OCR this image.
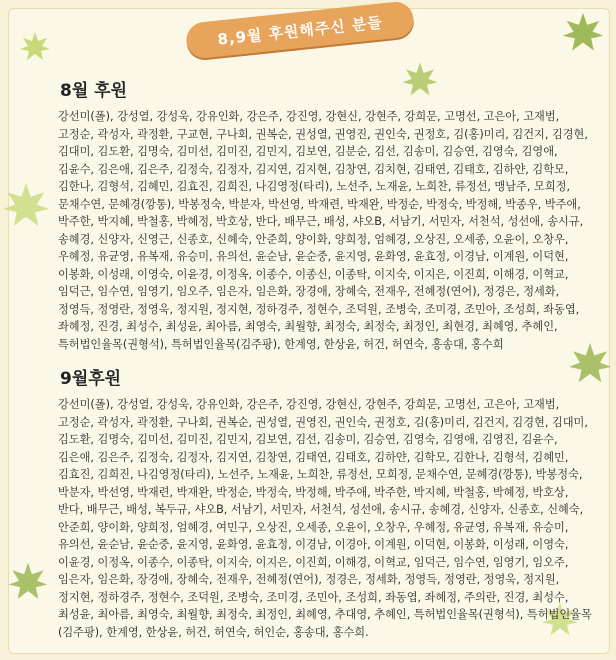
8,9월 후원해주신 분들
8월 후원
강선미(폴), 강성열, 강성욱, 강유인화, 강은주, 강진영, 강현신, 강현주, 강희문, 고명선, 고은아, 고재범, 고정순, 곽성자, 곽정환, 구교현, 구나회, 권복순, 권성열, 권영진, 권인숙, 권정호, 김(홍)미리, 김건지, 김경현, 김대미, 김도환, 김명숙, 김미선, 김미진, 김민지, 김보연, 김분순, 김선, 김송미, 김승연, 김영숙, 김영애, 김윤수, 김은애, 김은주, 김정숙, 김정자, 김지연, 김지현, 김창연, 김치현, 김태연, 김태호, 김하얀, 김학모, 김한나, 김형석, 김혜민, 김효진, 김희진, 나김영정(타리), 노선주, 노재윤, 노희찬, 류정선, 맹남주, 모희정, 문채수연, 문혜경(깡통), 박봉정숙, 박분자, 박선영, 박재련, 박재완, 박정순, 박정숙, 박정해, 박종우, 박주애, 박주한, 박지혜, 박철홍, 박혜정, 박호상, 반다, 배무근, 배성, 샤오B, 서남기, 서민자, 서천석, 성선애, 송시규, 송혜경, 신양자, 신영근, 신종호, 신혜숙, 안준희, 양이화, 양희정, 엄혜경, 오상진, 오세종, 오윤이, 오창우, 우혜정, 유균영, 유복재, 유승미, 유의선, 윤순남, 윤순중, 윤지영, 윤화영, 윤효정, 이경남, 이계원, 이덕현, 이봉화, 이성래, 이영숙, 이윤경, 이정옥, 이종수, 이종신, 이종탁, 이지숙, 이지은, 이진희, 이해경, 이혁교, 임덕근, 임수연, 임영기, 임오주, 임은자, 임은화, 장경애, 장혜숙, 전재우, 전혜정(연어), 정경은, 정세화, 정영득, 정영란, 정영욱, 정지원, 정지현, 정하경주, 정현수, 조덕원, 조병숙, 조미경, 조민아, 조성희, 좌동엽, 좌혜정, 진경, 최성수, 최성윤, 최아름, 최영숙, 최월향, 최정숙, 최정숙, 최정인, 최현경, 최혜영, 추혜인, 특허법인율목(권형석), 특허법인율목(김주팡), 한계영, 한상윤, 허건, 허연숙, 홍송대, 홍수희
9월후원
강선미(폴), 강성열, 강성욱, 강유인화, 강은주, 강진영, 강현신, 강현주, 강희문, 고명선, 고은아, 고재범, 고정순, 곽성자, 곽정환, 구나회, 권복순, 권성열, 권영진, 권인숙, 권정호, 김(홍)미리, 김건지, 김경현, 김대미, 김도환, 김명숙, 김미선, 김미진, 김민지, 김보연, 김선, 김송미, 김승연, 김영숙, 김영애, 김영진, 김윤수, 김은애, 김은주, 김정숙, 김정자, 김지연, 김창연, 김태연, 김태호, 김하얀, 김학모, 김한나, 김형석, 김혜민, 김효진, 김희진, 나김영정(타리), 노선주, 노재윤, 노희찬, 류정선, 모희정, 문채수연, 문혜경(깡통), 박봉정숙, 박분자, 박선영, 박재련, 박재완, 박정순, 박정숙, 박정해, 박주애, 박주한, 박지혜, 박철홍, 박혜정, 박호상, 반다, 배무근, 배성, 복두규, 샤오B, 서남기, 서민자, 서천석, 성선애, 송시규, 송혜경, 신양자, 신종호, 신혜숙, 안준희, 양이화, 양희정, 엄혜경, 여민구, 오상진, 오세종, 오윤이, 오창우, 우혜정, 유균영, 유복재, 유승미, 유의선, 윤순남, 윤순중, 윤지영, 윤화영, 윤효정, 이경남, 이경아, 이계원, 이덕현, 이봉화, 이성래, 이영숙, 이윤경, 이정옥, 이종수, 이종탁, 이지숙, 이지은, 이진희, 이해경, 이혁교, 임덕근, 임수연, 임영기, 임오주, 임은자, 임은화, 장경애, 장혜숙, 전재우, 전혜정(연어), 정경은, 정세화, 정영득, 정영란, 정영욱, 정지원, 정지현, 정하경주, 정현수, 조덕원, 조병숙, 조미경, 조민아, 조성희, 좌동엽, 좌혜정, 주의란, 진경, 최성수, 최성윤, 최아름, 최영숙, 최월향, 최정숙, 최정인, 최혜영, 추대영, 추혜인, 특허법인율목(권형석), 특허법인율목(김주팡), 한계영, 한상윤, 허건, 허연숙, 허인순, 홍송대, 홍수희.
